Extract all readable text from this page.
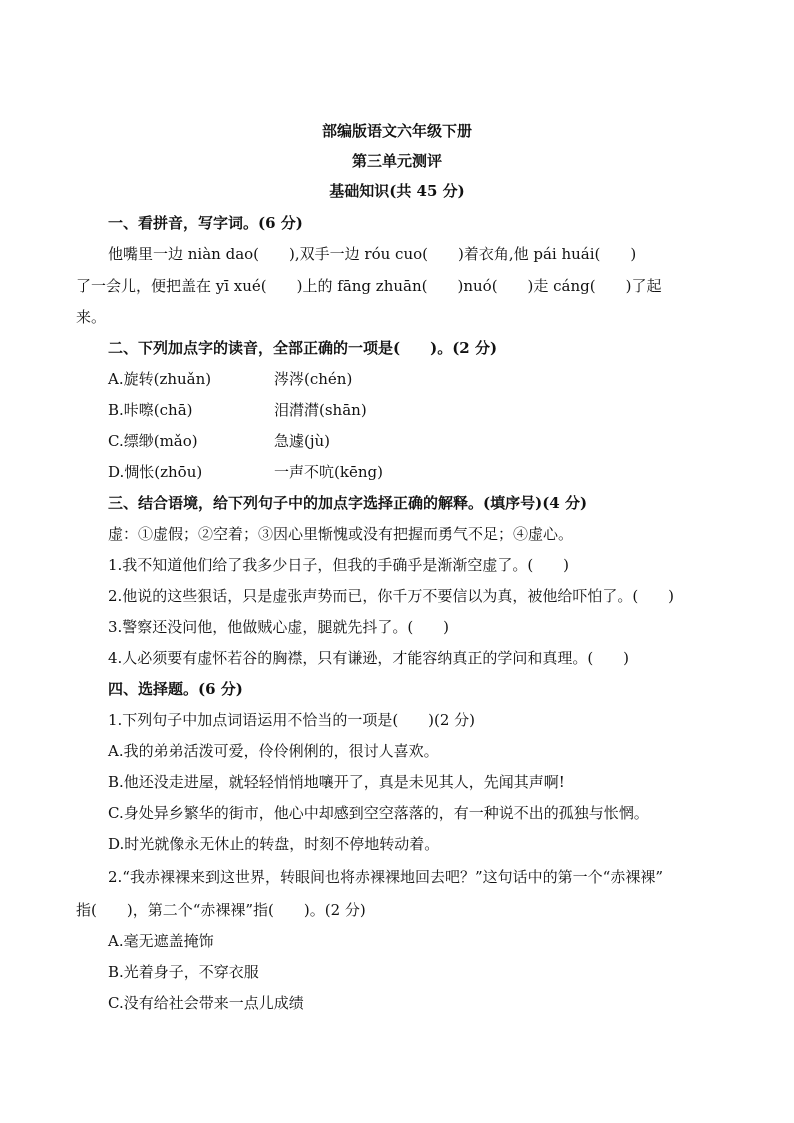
部编版语文六年级下册
第三单元测评
基础知识(共 45 分)
一、看拼音，写字词。(6 分)
他嘴里一边 niàn dao(　　),双手一边 róu cuo(　　)着衣角,他 pái huái(　　)
了一会儿，便把盖在 yī xué(　　)上的 fāng zhuān(　　)nuó(　　)走 cáng(　　)了起
来。
二、下列加点字的读音，全部正确的一项是(　　)。(2 分)
A.旋转(zhuǎn)	涔涔(chén)
B.咔嚓(chā)	泪潸潸(shān)
C.缥缈(mǎo)	急遽(jù)
D.惆怅(zhōu)	一声不吭(kēng)
三、结合语境，给下列句子中的加点字选择正确的解释。(填序号)(4 分)
虚：①虚假；②空着；③因心里惭愧或没有把握而勇气不足；④虚心。
1.我不知道他们给了我多少日子，但我的手确乎是渐渐空虚了。(　　)
2.他说的这些狠话，只是虚张声势而已，你千万不要信以为真，被他给吓怕了。(　　)
3.警察还没问他，他做贼心虚，腿就先抖了。(　　)
4.人必须要有虚怀若谷的胸襟，只有谦逊，才能容纳真正的学问和真理。(　　)
四、选择题。(6 分)
1.下列句子中加点词语运用不恰当的一项是(　　)(2 分)
A.我的弟弟活泼可爱，伶伶俐俐的，很讨人喜欢。
B.他还没走进屋，就轻轻悄悄地嚷开了，真是未见其人，先闻其声啊!
C.身处异乡繁华的街市，他心中却感到空空落落的，有一种说不出的孤独与怅惘。
D.时光就像永无休止的转盘，时刻不停地转动着。
2.“我赤裸裸来到这世界，转眼间也将赤裸裸地回去吧？”这句话中的第一个“赤裸裸”
指(　　)，第二个“赤裸裸”指(　　)。(2 分)
A.毫无遮盖掩饰
B.光着身子，不穿衣服
C.没有给社会带来一点儿成绩
